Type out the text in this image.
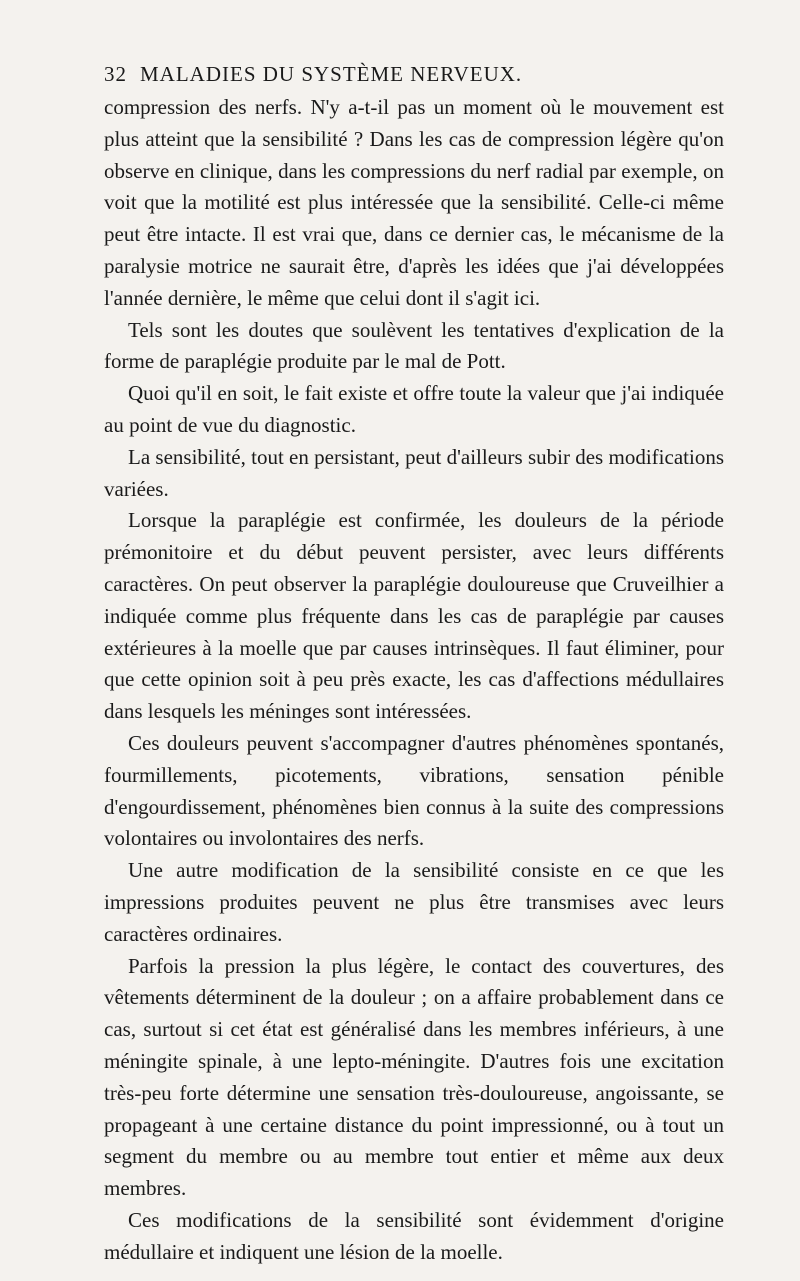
32 MALADIES DU SYSTÈME NERVEUX.

compression des nerfs. N'y a-t-il pas un moment où le mouvement est plus atteint que la sensibilité ? Dans les cas de compression légère qu'on observe en clinique, dans les compressions du nerf radial par exemple, on voit que la motilité est plus intéressée que la sensibilité. Celle-ci même peut être intacte. Il est vrai que, dans ce dernier cas, le mécanisme de la paralysie motrice ne saurait être, d'après les idées que j'ai développées l'année dernière, le même que celui dont il s'agit ici.

Tels sont les doutes que soulèvent les tentatives d'explication de la forme de paraplégie produite par le mal de Pott.

Quoi qu'il en soit, le fait existe et offre toute la valeur que j'ai indiquée au point de vue du diagnostic.

La sensibilité, tout en persistant, peut d'ailleurs subir des modifications variées.

Lorsque la paraplégie est confirmée, les douleurs de la période prémonitoire et du début peuvent persister, avec leurs différents caractères. On peut observer la paraplégie douloureuse que Cruveilhier a indiquée comme plus fréquente dans les cas de paraplégie par causes extérieures à la moelle que par causes intrinsèques. Il faut éliminer, pour que cette opinion soit à peu près exacte, les cas d'affections médullaires dans lesquels les méninges sont intéressées.

Ces douleurs peuvent s'accompagner d'autres phénomènes spontanés, fourmillements, picotements, vibrations, sensation pénible d'engourdissement, phénomènes bien connus à la suite des compressions volontaires ou involontaires des nerfs.

Une autre modification de la sensibilité consiste en ce que les impressions produites peuvent ne plus être transmises avec leurs caractères ordinaires.

Parfois la pression la plus légère, le contact des couvertures, des vêtements déterminent de la douleur ; on a affaire probablement dans ce cas, surtout si cet état est généralisé dans les membres inférieurs, à une méningite spinale, à une lepto-méningite. D'autres fois une excitation très-peu forte détermine une sensation très-douloureuse, angoissante, se propageant à une certaine distance du point impressionné, ou à tout un segment du membre ou au membre tout entier et même aux deux membres.

Ces modifications de la sensibilité sont évidemment d'origine médullaire et indiquent une lésion de la moelle.
